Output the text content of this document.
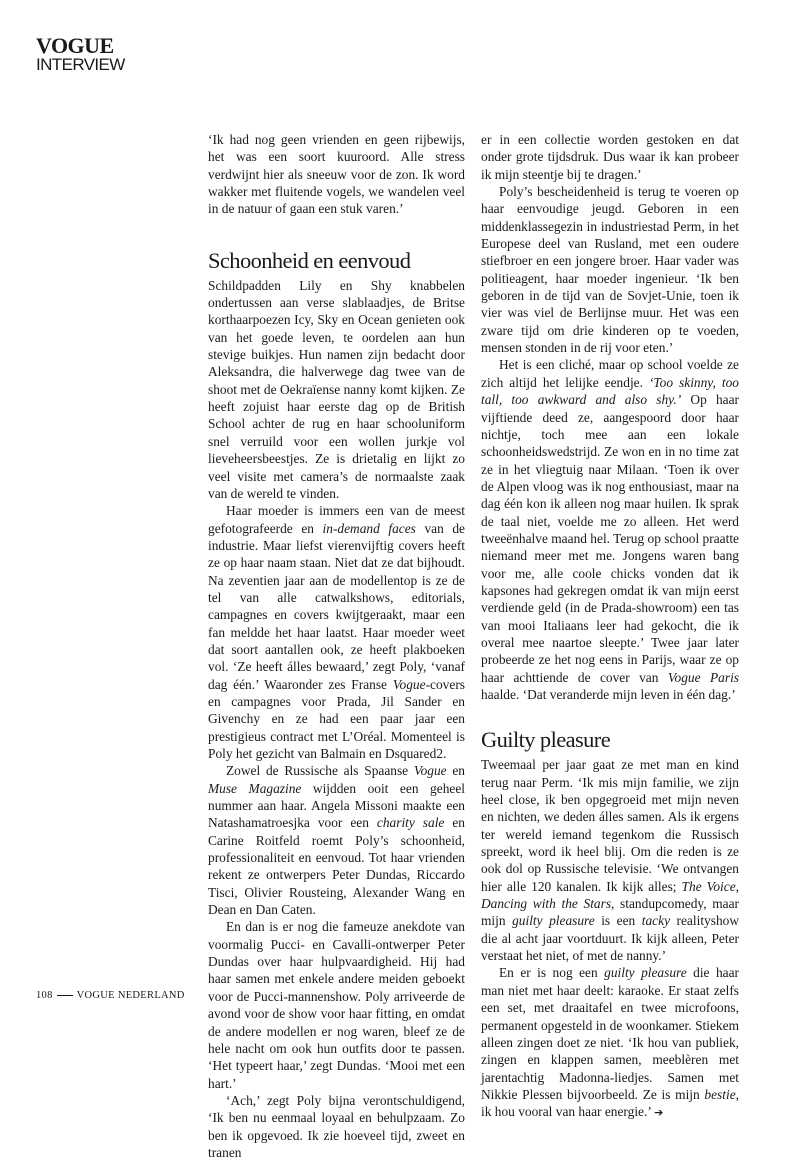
VOGUE
INTERVIEW

‘Ik had nog geen vrienden en geen rijbewijs, het was een soort kuuroord. Alle stress verdwijnt hier als sneeuw voor de zon. Ik word wakker met fluitende vogels, we wandelen veel in de natuur of gaan een stuk varen.’

Schoonheid en eenvoud

Schildpadden Lily en Shy knabbelen ondertussen aan verse slablaadjes, de Britse korthaarpoezen Icy, Sky en Ocean genieten ook van het goede leven, te oordelen aan hun stevige buikjes. Hun namen zijn bedacht door Aleksandra, die halverwege dag twee van de shoot met de Oekraïense nanny komt kijken. Ze heeft zojuist haar eerste dag op de British School achter de rug en haar schooluniform snel verruild voor een wollen jurkje vol lieveheersbeestjes. Ze is drietalig en lijkt zo veel visite met camera’s de normaalste zaak van de wereld te vinden.

Haar moeder is immers een van de meest gefotografeerde en in-demand faces van de industrie. Maar liefst vierenvijftig covers heeft ze op haar naam staan. Niet dat ze dat bijhoudt. Na zeventien jaar aan de modellentop is ze de tel van alle catwalkshows, editorials, campagnes en covers kwijtgeraakt, maar een fan meldde het haar laatst. Haar moeder weet dat soort aantallen ook, ze heeft plakboeken vol. ‘Ze heeft álles bewaard,’ zegt Poly, ‘vanaf dag één.’ Waaronder zes Franse Vogue-covers en campagnes voor Prada, Jil Sander en Givenchy en ze had een paar jaar een prestigieus contract met L’Oréal. Momenteel is Poly het gezicht van Balmain en Dsquared2.

Zowel de Russische als Spaanse Vogue en Muse Magazine wijdden ooit een geheel nummer aan haar. Angela Missoni maakte een Natashamatroesjka voor een charity sale en Carine Roitfeld roemt Poly’s schoonheid, professionaliteit en eenvoud. Tot haar vrienden rekent ze ontwerpers Peter Dundas, Riccardo Tisci, Olivier Rousteing, Alexander Wang en Dean en Dan Caten.

En dan is er nog die fameuze anekdote van voormalig Pucci- en Cavalli-ontwerper Peter Dundas over haar hulpvaardigheid. Hij had haar samen met enkele andere meiden geboekt voor de Pucci-mannenshow. Poly arriveerde de avond voor de show voor haar fitting, en omdat de andere modellen er nog waren, bleef ze de hele nacht om ook hun outfits door te passen. ‘Het typeert haar,’ zegt Dundas. ‘Mooi met een hart.’

‘Ach,’ zegt Poly bijna verontschuldigend, ‘Ik ben nu eenmaal loyaal en behulpzaam. Zo ben ik opgevoed. Ik zie hoeveel tijd, zweet en tranen

er in een collectie worden gestoken en dat onder grote tijdsdruk. Dus waar ik kan probeer ik mijn steentje bij te dragen.’

Poly’s bescheidenheid is terug te voeren op haar eenvoudige jeugd. Geboren in een middenklassegezin in industriestad Perm, in het Europese deel van Rusland, met een oudere stiefbroer en een jongere broer. Haar vader was politieagent, haar moeder ingenieur. ‘Ik ben geboren in de tijd van de Sovjet-Unie, toen ik vier was viel de Berlijnse muur. Het was een zware tijd om drie kinderen op te voeden, mensen stonden in de rij voor eten.’

Het is een cliché, maar op school voelde ze zich altijd het lelijke eendje. ‘Too skinny, too tall, too awkward and also shy.’ Op haar vijftiende deed ze, aangespoord door haar nichtje, toch mee aan een lokale schoonheidswedstrijd. Ze won en in no time zat ze in het vliegtuig naar Milaan. ‘Toen ik over de Alpen vloog was ik nog enthousiast, maar na dag één kon ik alleen nog maar huilen. Ik sprak de taal niet, voelde me zo alleen. Het werd tweeënhalve maand hel. Terug op school praatte niemand meer met me. Jongens waren bang voor me, alle coole chicks vonden dat ik kapsones had gekregen omdat ik van mijn eerst verdiende geld (in de Prada-showroom) een tas van mooi Italiaans leer had gekocht, die ik overal mee naartoe sleepte.’ Twee jaar later probeerde ze het nog eens in Parijs, waar ze op haar achttiende de cover van Vogue Paris haalde. ‘Dat veranderde mijn leven in één dag.’

Guilty pleasure

Tweemaal per jaar gaat ze met man en kind terug naar Perm. ‘Ik mis mijn familie, we zijn heel close, ik ben opgegroeid met mijn neven en nichten, we deden álles samen. Als ik ergens ter wereld iemand tegenkom die Russisch spreekt, word ik heel blij. Om die reden is ze ook dol op Russische televisie. ‘We ontvangen hier alle 120 kanalen. Ik kijk alles; The Voice, Dancing with the Stars, standupcomedy, maar mijn guilty pleasure is een tacky realityshow die al acht jaar voortduurt. Ik kijk alleen, Peter verstaat het niet, of met de nanny.’

En er is nog een guilty pleasure die haar man niet met haar deelt: karaoke. Er staat zelfs een set, met draaitafel en twee microfoons, permanent opgesteld in de woonkamer. Stiekem alleen zingen doet ze niet. ‘Ik hou van publiek, zingen en klappen samen, meeblèren met jarentachtig Madonna-liedjes. Samen met Nikkie Plessen bijvoorbeeld. Ze is mijn bestie, ik hou vooral van haar energie.’ ➔

108 VOGUE NEDERLAND
